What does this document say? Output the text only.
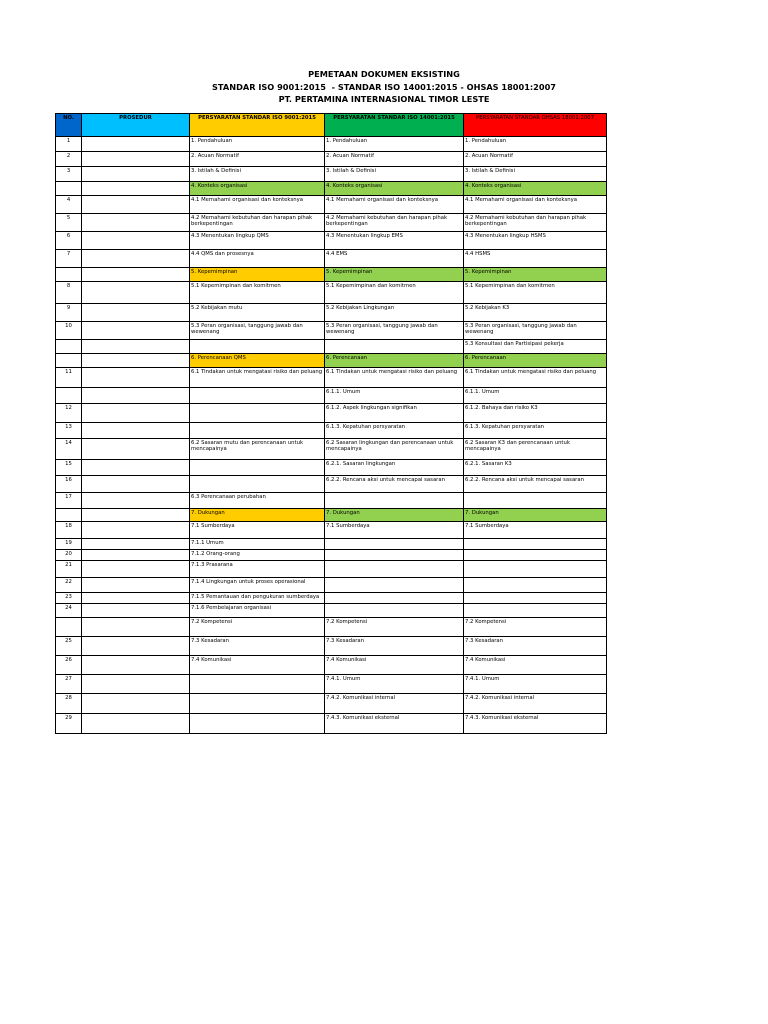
PEMETAAN DOKUMEN EKSISTING
STANDAR ISO 9001:2015  - STANDAR ISO 14001:2015 - OHSAS 18001:2007
PT. PERTAMINA INTERNASIONAL TIMOR LESTE
NO.	PROSEDUR	PERSYARATAN STANDAR ISO 9001:2015	PERSYARATAN STANDAR ISO 14001:2015	PERSYARATAN STANDAR OHSAS 18001:2007
1		1. Pendahuluan	1. Pendahuluan	1. Pendahuluan
2		2. Acuan Normatif	2. Acuan Normatif	2. Acuan Normatif
3		3. Istilah & Definisi	3. Istilah & Definisi	3. Istilah & Definisi
		4. Konteks organisasi	4. Konteks organisasi	4. Konteks organisasi
4		4.1 Memahami organisasi dan konteksnya	4.1 Memahami organisasi dan konteksnya	4.1 Memahami organisasi dan konteksnya
5		4.2 Memahami kebutuhan dan harapan pihak berkepentingan	4.2 Memahami kebutuhan dan harapan pihak berkepentingan	4.2 Memahami kebutuhan dan harapan pihak berkepentingan
6		4.3 Menentukan lingkup QMS	4.3 Menentukan lingkup EMS	4.3 Menentukan lingkup HSMS
7		4.4 QMS dan prosesnya	4.4 EMS	4.4 HSMS
		5. Kepemimpinan	5. Kepemimpinan	5. Kepemimpinan
8		5.1 Kepemimpinan dan komitmen	5.1 Kepemimpinan dan komitmen	5.1 Kepemimpinan dan komitmen
9		5.2 Kebijakan mutu	5.2 Kebijakan Lingkungan	5.2 Kebijakan K3
10		5.3 Peran organisasi, tanggung jawab dan wewenang	5.3 Peran organisasi, tanggung jawab dan wewenang	5.3 Peran organisasi, tanggung jawab dan wewenang
				5.3 Konsultasi dan Partisipasi pekerja
		6. Perencanaan QMS	6. Perencanaan	6. Perencanaan
11		6.1 Tindakan untuk mengatasi risiko dan peluang	6.1 Tindakan untuk mengatasi risiko dan peluang	6.1 Tindakan untuk mengatasi risiko dan peluang
			6.1.1. Umum	6.1.1. Umum
12			6.1.2. Aspek lingkungan signifikan	6.1.2. Bahaya dan risiko K3
13			6.1.3. Kepatuhan persyaratan	6.1.3. Kepatuhan persyaratan
14		6.2 Sasaran mutu dan perencanaan untuk mencapainya	6.2 Sasaran lingkungan dan perencanaan untuk mencapainya	6.2 Sasaran K3 dan perencanaan untuk mencapainya
15			6.2.1. Sasaran lingkungan	6.2.1. Sasaran K3
16			6.2.2. Rencana aksi untuk mencapai sasaran	6.2.2. Rencana aksi untuk mencapai sasaran
17		6.3 Perencanaan perubahan		
		7. Dukungan	7. Dukungan	7. Dukungan
18		7.1 Sumberdaya	7.1 Sumberdaya	7.1 Sumberdaya
19		7.1.1 Umum		
20		7.1.2 Orang-orang		
21		7.1.3 Prasarana		
22		7.1.4 Lingkungan untuk proses operasional		
23		7.1.5 Pemantauan dan pengukuran sumberdaya		
24		7.1.6 Pembelajaran organisasi		
		7.2 Kompetensi	7.2 Kompetensi	7.2 Kompetensi
25		7.3 Kesadaran	7.3 Kesadaran	7.3 Kesadaran
26		7.4 Komunikasi	7.4 Komunikasi	7.4 Komunikasi
27			7.4.1. Umum	7.4.1. Umum
28			7.4.2. Komunikasi internal	7.4.2. Komunikasi internal
29			7.4.3. Komunikasi eksternal	7.4.3. Komunikasi eksternal
